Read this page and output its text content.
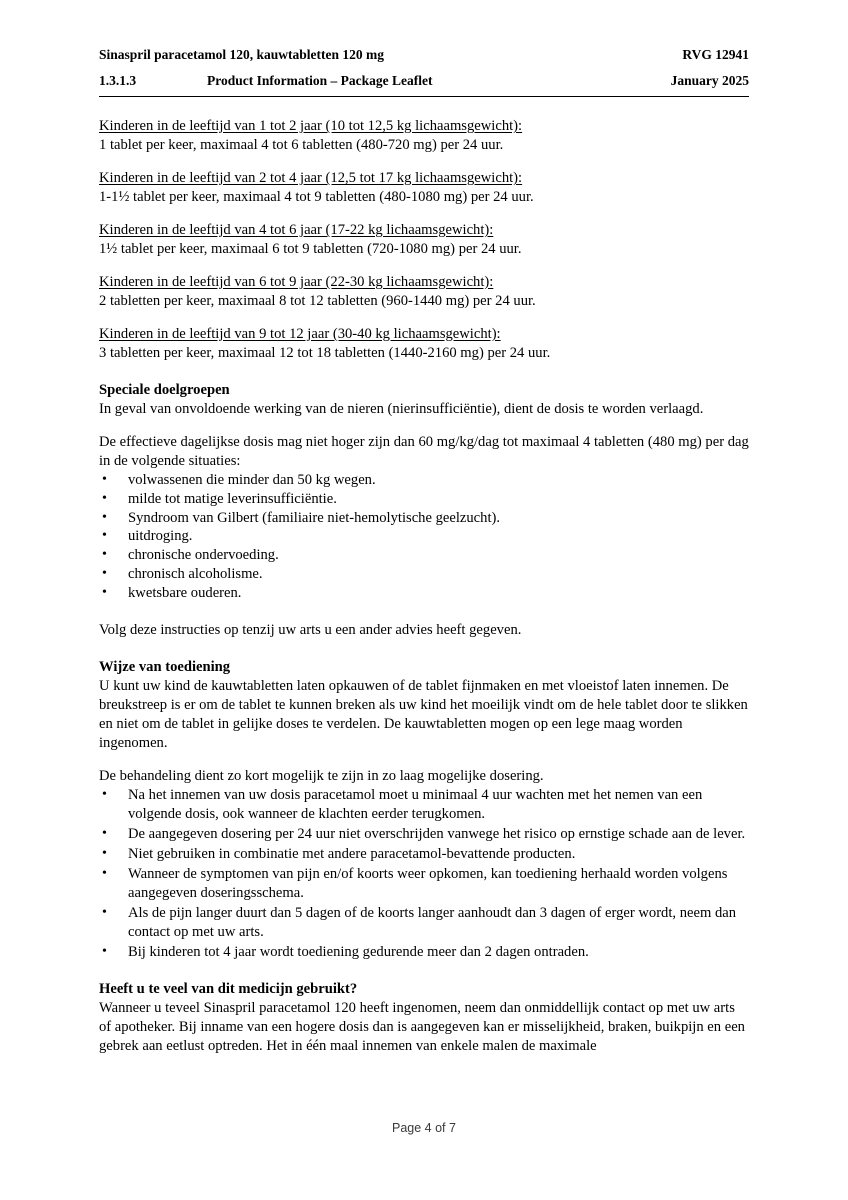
Sinaspril paracetamol 120, kauwtabletten 120 mg	RVG 12941
1.3.1.3	Product Information – Package Leaflet	January 2025

Kinderen in de leeftijd van 1 tot 2 jaar (10 tot 12,5 kg lichaamsgewicht):

1 tablet per keer, maximaal 4 tot 6 tabletten (480-720 mg) per 24 uur.

Kinderen in de leeftijd van 2 tot 4 jaar (12,5 tot 17 kg lichaamsgewicht):

1-1½ tablet per keer, maximaal 4 tot 9 tabletten (480-1080 mg) per 24 uur.

Kinderen in de leeftijd van 4 tot 6 jaar (17-22 kg lichaamsgewicht):

1½ tablet per keer, maximaal 6 tot 9 tabletten (720-1080 mg) per 24 uur.

Kinderen in de leeftijd van 6 tot 9 jaar (22-30 kg lichaamsgewicht):

2 tabletten per keer, maximaal 8 tot 12 tabletten (960-1440 mg) per 24 uur.

Kinderen in de leeftijd van 9 tot 12 jaar (30-40 kg lichaamsgewicht):

3 tabletten per keer, maximaal 12 tot 18 tabletten (1440-2160 mg) per 24 uur.

Speciale doelgroepen

In geval van onvoldoende werking van de nieren (nierinsufficiëntie), dient de dosis te worden verlaagd.

De effectieve dagelijkse dosis mag niet hoger zijn dan 60 mg/kg/dag tot maximaal 4 tabletten (480 mg) per dag in de volgende situaties:

• volwassenen die minder dan 50 kg wegen.
• milde tot matige leverinsufficiëntie.
• Syndroom van Gilbert (familiaire niet-hemolytische geelzucht).
• uitdroging.
• chronische ondervoeding.
• chronisch alcoholisme.
• kwetsbare ouderen.

Volg deze instructies op tenzij uw arts u een ander advies heeft gegeven.

Wijze van toediening

U kunt uw kind de kauwtabletten laten opkauwen of de tablet fijnmaken en met vloeistof laten innemen. De breukstreep is er om de tablet te kunnen breken als uw kind het moeilijk vindt om de hele tablet door te slikken en niet om de tablet in gelijke doses te verdelen. De kauwtabletten mogen op een lege maag worden ingenomen.

De behandeling dient zo kort mogelijk te zijn in zo laag mogelijke dosering.

• Na het innemen van uw dosis paracetamol moet u minimaal 4 uur wachten met het nemen van een volgende dosis, ook wanneer de klachten eerder terugkomen.
• De aangegeven dosering per 24 uur niet overschrijden vanwege het risico op ernstige schade aan de lever.
• Niet gebruiken in combinatie met andere paracetamol-bevattende producten.
• Wanneer de symptomen van pijn en/of koorts weer opkomen, kan toediening herhaald worden volgens aangegeven doseringsschema.
• Als de pijn langer duurt dan 5 dagen of de koorts langer aanhoudt dan 3 dagen of erger wordt, neem dan contact op met uw arts.
• Bij kinderen tot 4 jaar wordt toediening gedurende meer dan 2 dagen ontraden.

Heeft u te veel van dit medicijn gebruikt?

Wanneer u teveel Sinaspril paracetamol 120 heeft ingenomen, neem dan onmiddellijk contact op met uw arts of apotheker. Bij inname van een hogere dosis dan is aangegeven kan er misselijkheid, braken, buikpijn en een gebrek aan eetlust optreden. Het in één maal innemen van enkele malen de maximale

Page 4 of 7
